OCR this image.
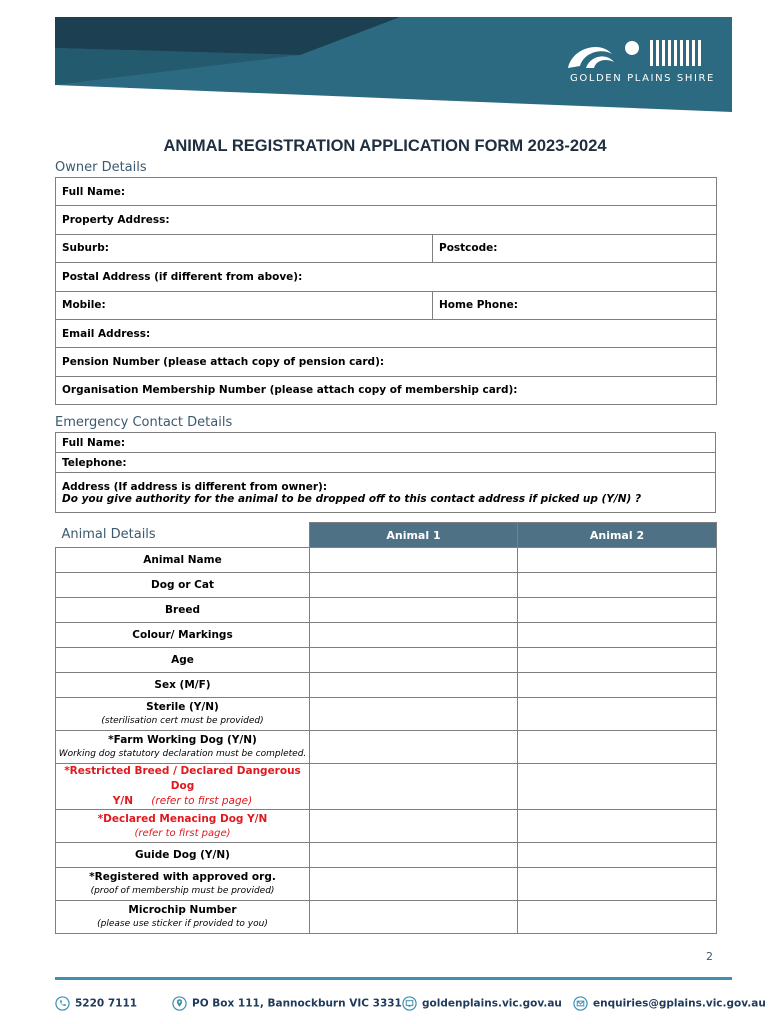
GOLDEN PLAINS SHIRE
ANIMAL REGISTRATION APPLICATION FORM 2023-2024
Owner Details
Full Name:	
Property Address:	
Suburb:	Postcode:
Postal Address (if different from above):	
Mobile:	Home Phone:
Email Address:	
Pension Number (please attach copy of pension card):	
Organisation Membership Number (please attach copy of membership card):	
Emergency Contact Details
Full Name:
Telephone:

Address (If address is different from owner):
Do you give authority for the animal to be dropped off to this contact address if picked up (Y/N) ?
Animal Details	Animal 1	Animal 2

Animal Name		

Dog or Cat		

Breed		

Colour/ Markings		

Age		

Sex (M/F)		

Sterile (Y/N)
(sterilisation cert must be provided)		

*Farm Working Dog (Y/N)
Working dog statutory declaration must be completed.		

*Restricted Breed / Declared Dangerous Dog
Y/N (refer to first page)		

*Declared Menacing Dog Y/N
(refer to first page)		

Guide Dog (Y/N)		

*Registered with approved org.
(proof of membership must be provided)		

Microchip Number
(please use sticker if provided to you)		

2
5220 7111	PO Box 111, Bannockburn VIC 3331	goldenplains.vic.gov.au	enquiries@gplains.vic.gov.au
